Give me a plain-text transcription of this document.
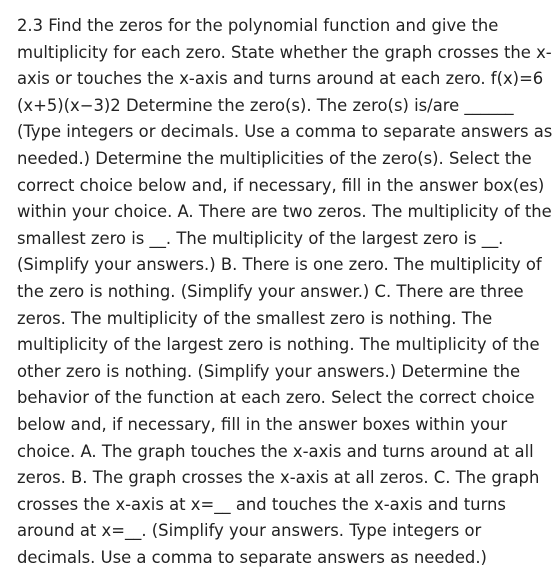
2.3 Find the zeros for the polynomial function and give the
multiplicity for each zero. State whether the graph crosses the x-
axis or touches the x-axis and turns around at each zero. f(x)=6
(x+5)(x−3)2 Determine the zero(s). The zero(s) is/are ______
(Type integers or decimals. Use a comma to separate answers as
needed.) Determine the multiplicities of the zero(s). Select the
correct choice below and, if necessary, fill in the answer box(es)
within your choice. A. There are two zeros. The multiplicity of the
smallest zero is __. The multiplicity of the largest zero is __.
(Simplify your answers.) B. There is one zero. The multiplicity of
the zero is nothing. (Simplify your answer.) C. There are three
zeros. The multiplicity of the smallest zero is nothing. The
multiplicity of the largest zero is nothing. The multiplicity of the
other zero is nothing. (Simplify your answers.) Determine the
behavior of the function at each zero. Select the correct choice
below and, if necessary, fill in the answer boxes within your
choice. A. The graph touches the x-axis and turns around at all
zeros. B. The graph crosses the x-axis at all zeros. C. The graph
crosses the x-axis at x=__ and touches the x-axis and turns
around at x=__. (Simplify your answers. Type integers or
decimals. Use a comma to separate answers as needed.)
